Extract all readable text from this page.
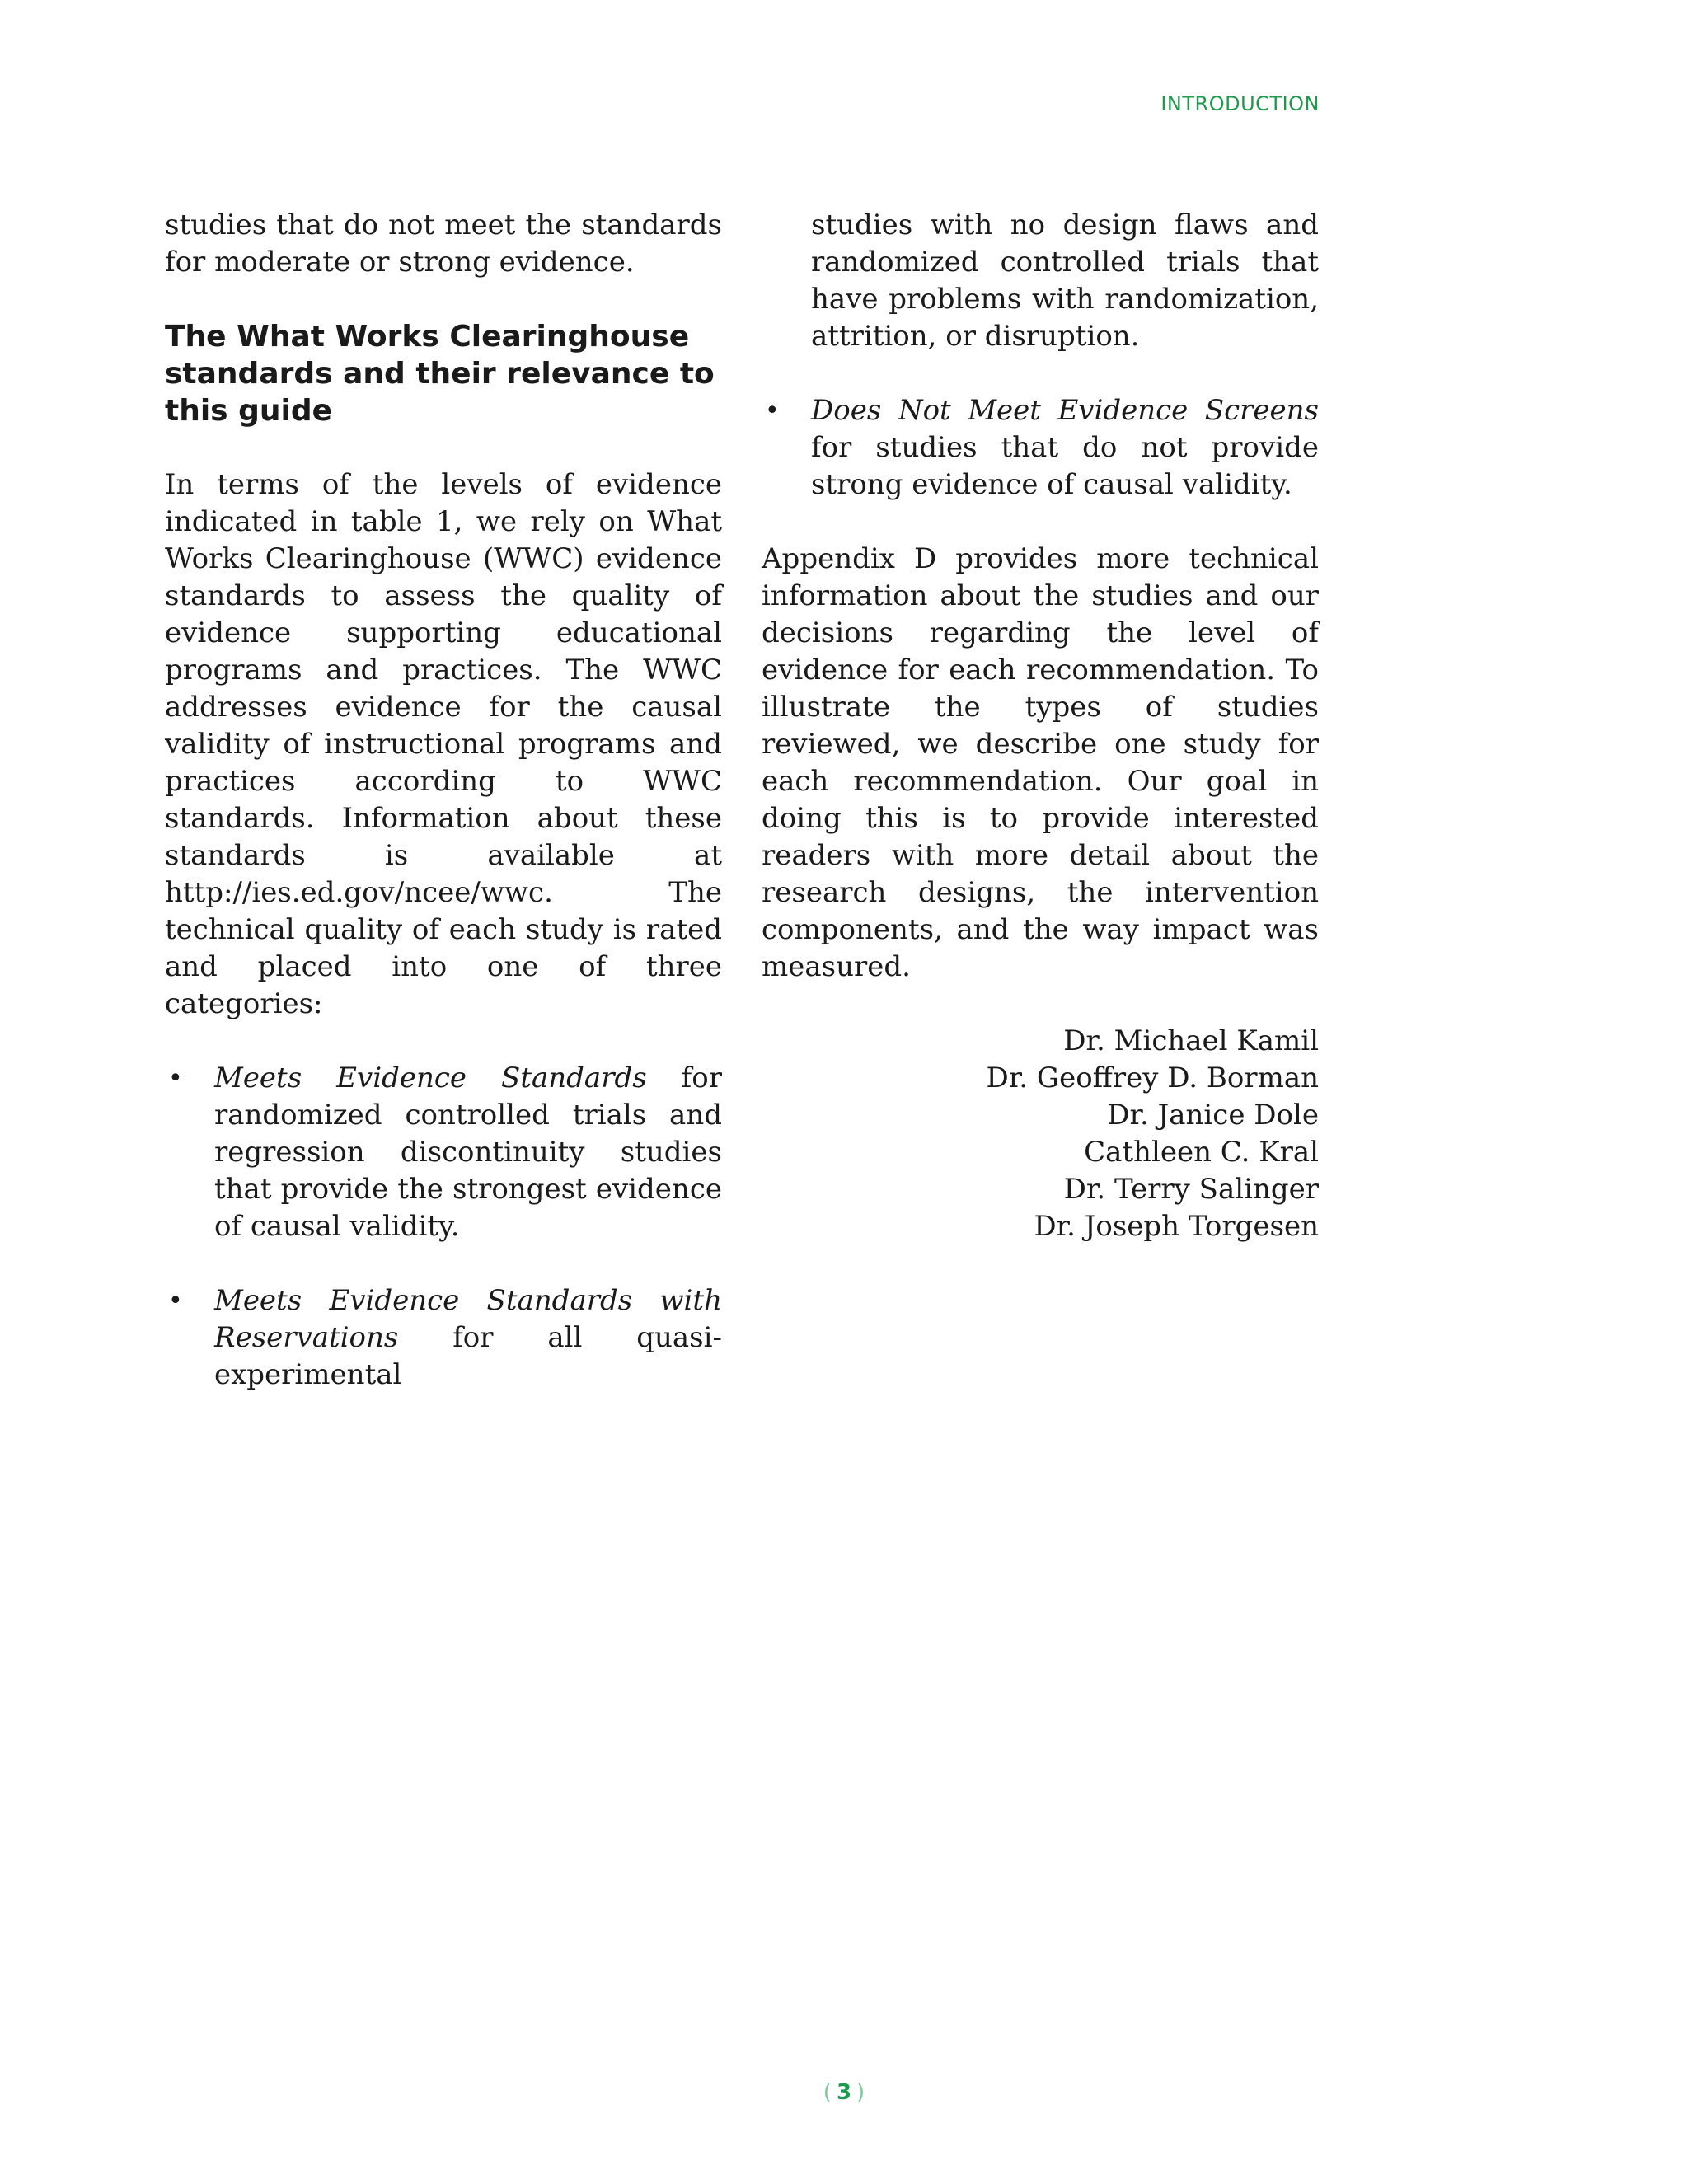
INTRODUCTION

studies that do not meet the standards for moderate or strong evidence.

The What Works Clearinghouse standards and their relevance to this guide

In terms of the levels of evidence indicated in table 1, we rely on What Works Clearinghouse (WWC) evidence standards to assess the quality of evidence supporting educational programs and practices. The WWC addresses evidence for the causal validity of instructional programs and practices according to WWC standards. Information about these standards is available at http://ies.ed.gov/ncee/wwc. The technical quality of each study is rated and placed into one of three categories:

• Meets Evidence Standards for randomized controlled trials and regression discontinuity studies that provide the strongest evidence of causal validity.
• Meets Evidence Standards with Reservations for all quasi-experimental
studies with no design flaws and randomized controlled trials that have problems with randomization, attrition, or disruption.
• Does Not Meet Evidence Screens for studies that do not provide strong evidence of causal validity.

Appendix D provides more technical information about the studies and our decisions regarding the level of evidence for each recommendation. To illustrate the types of studies reviewed, we describe one study for each recommendation. Our goal in doing this is to provide interested readers with more detail about the research designs, the intervention components, and the way impact was measured.

Dr. Michael Kamil
Dr. Geoffrey D. Borman
Dr. Janice Dole
Cathleen C. Kral
Dr. Terry Salinger
Dr. Joseph Torgesen
( 3 )
